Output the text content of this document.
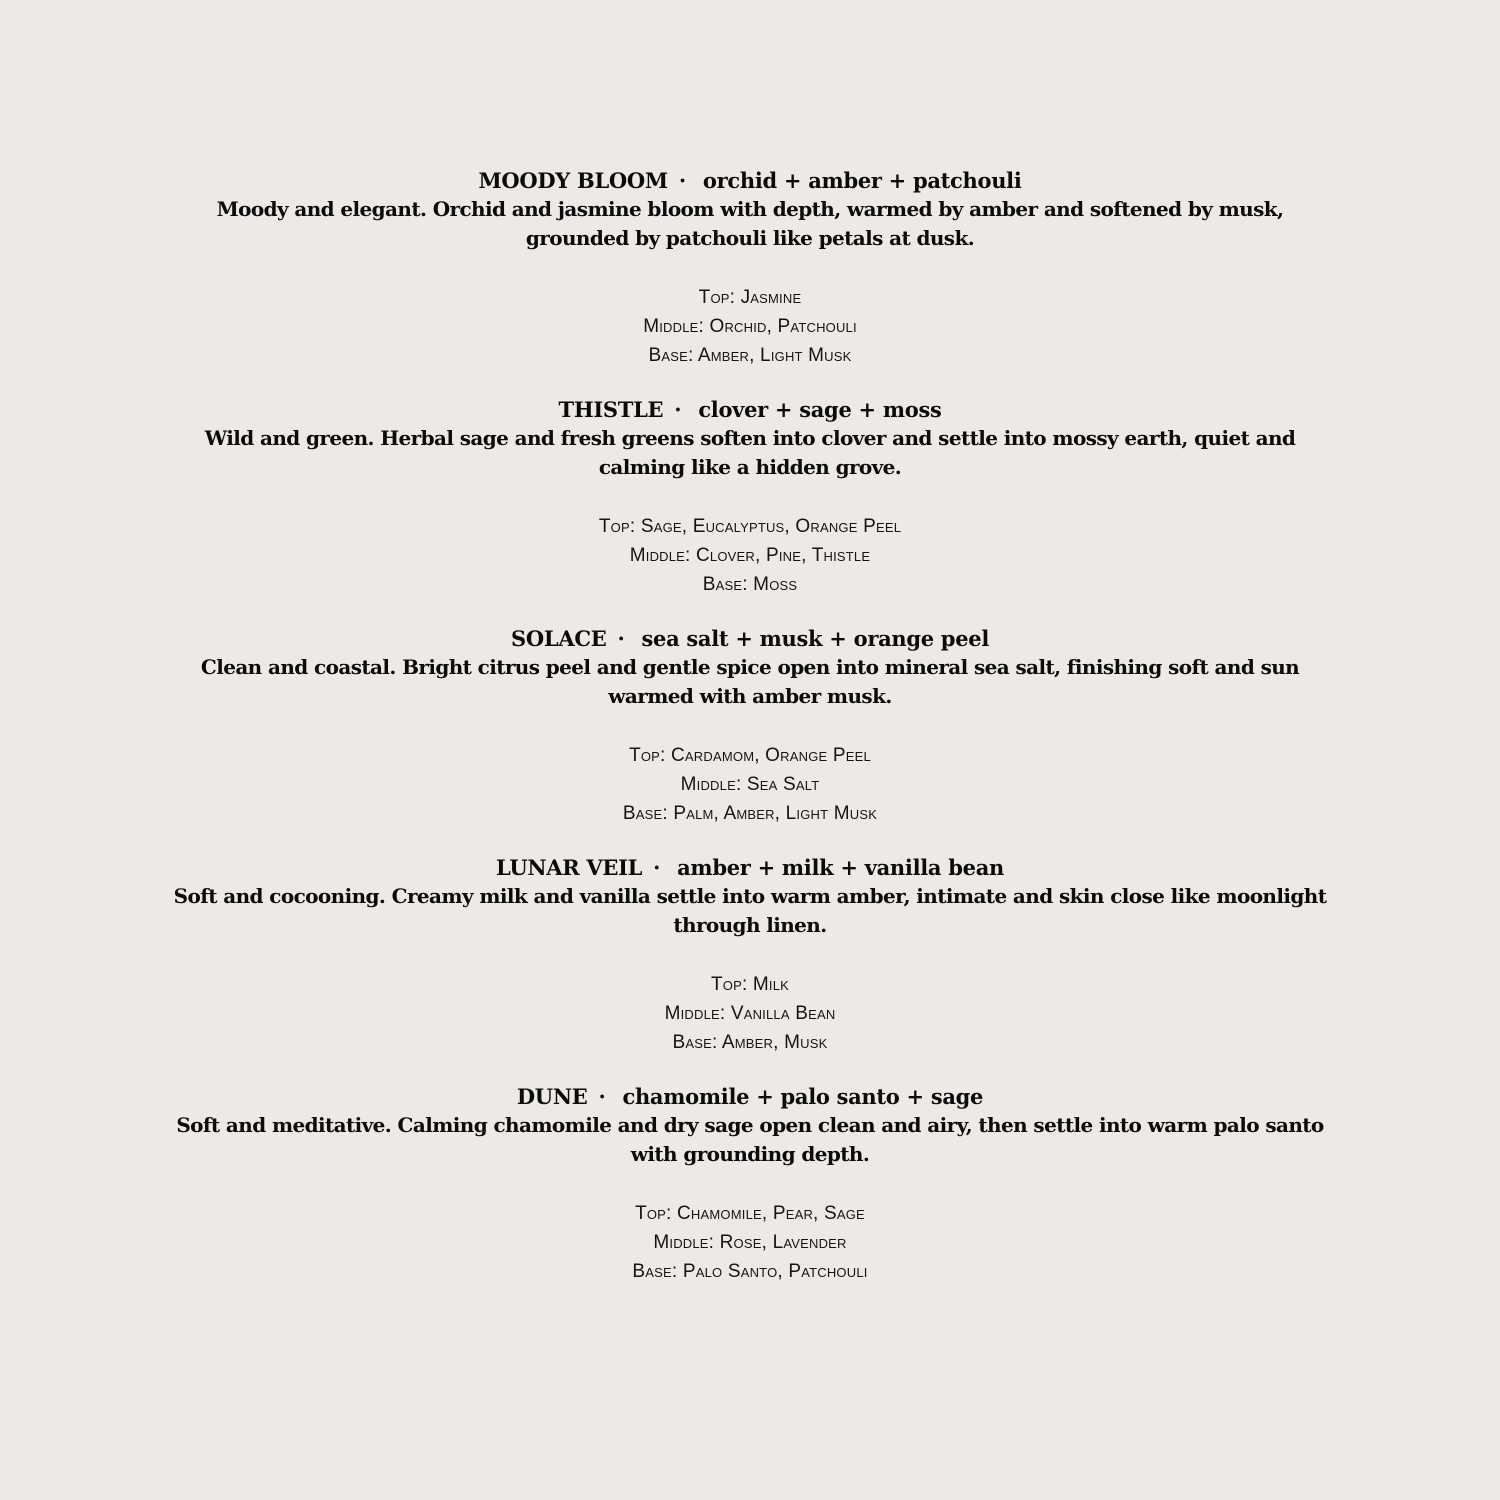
MOODY BLOOM · orchid + amber + patchouli
Moody and elegant. Orchid and jasmine bloom with depth, warmed by amber and softened by musk, grounded by patchouli like petals at dusk.
Top: Jasmine
Middle: Orchid, Patchouli
Base: Amber, Light Musk
THISTLE · clover + sage + moss
Wild and green. Herbal sage and fresh greens soften into clover and settle into mossy earth, quiet and calming like a hidden grove.
Top: Sage, Eucalyptus, Orange Peel
Middle: Clover, Pine, Thistle
Base: Moss
SOLACE · sea salt + musk + orange peel
Clean and coastal. Bright citrus peel and gentle spice open into mineral sea salt, finishing soft and sun warmed with amber musk.
Top: Cardamom, Orange Peel
Middle: Sea Salt
Base: Palm, Amber, Light Musk
LUNAR VEIL · amber + milk + vanilla bean
Soft and cocooning. Creamy milk and vanilla settle into warm amber, intimate and skin close like moonlight through linen.
Top: Milk
Middle: Vanilla Bean
Base: Amber, Musk
DUNE · chamomile + palo santo + sage
Soft and meditative. Calming chamomile and dry sage open clean and airy, then settle into warm palo santo with grounding depth.
Top: Chamomile, Pear, Sage
Middle: Rose, Lavender
Base: Palo Santo, Patchouli
